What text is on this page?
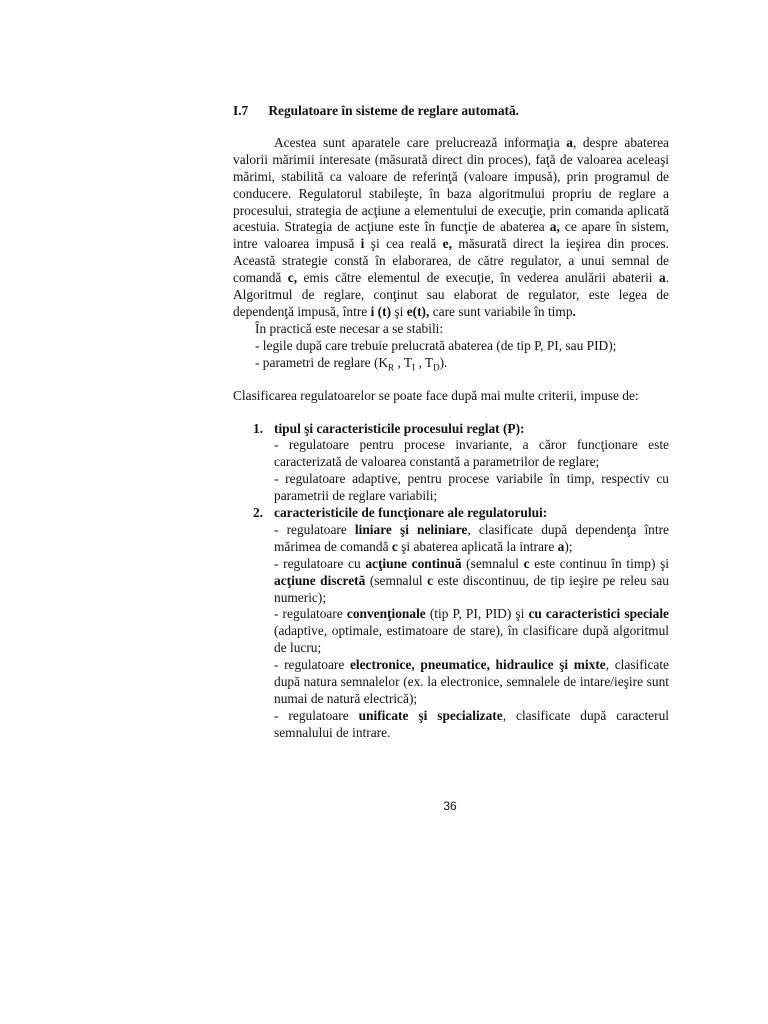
I.7 Regulatoare în sisteme de reglare automată.

Acestea sunt aparatele care prelucrează informaţia a, despre abaterea valorii mărimii interesate (măsurată direct din proces), faţă de valoarea aceleaşi mărimi, stabilită ca valoare de referinţă (valoare impusă), prin programul de conducere. Regulatorul stabileşte, în baza algoritmului propriu de reglare a procesului, strategia de acţiune a elementului de execuţie, prin comanda aplicată acestuia. Strategia de acţiune este în funcţie de abaterea a, ce apare în sistem, intre valoarea impusă i şi cea reală e, măsurată direct la ieşirea din proces. Această strategie constă în elaborarea, de către regulator, a unui semnal de comandă c, emis către elementul de execuţie, în vederea anulării abaterii a. Algoritmul de reglare, conţinut sau elaborat de regulator, este legea de dependenţă impusă, între i (t) şi e(t), care sunt variabile în timp.

În practică este necesar a se stabili:

- legile după care trebuie prelucrată abaterea (de tip P, PI, sau PID);

- parametri de reglare ($K_R$ , $T_I$ , $T_D$).

Clasificarea regulatoarelor se poate face după mai multe criterii, impuse de:

1. tipul şi caracteristicile procesului reglat (P):

- regulatoare pentru procese invariante, a căror funcţionare este caracterizată de valoarea constantă a parametrilor de reglare;

- regulatoare adaptive, pentru procese variabile în timp, respectiv cu parametrii de reglare variabili;

2. caracteristicile de funcţionare ale regulatorului:

- regulatoare liniare şi neliniare, clasificate după dependenţa între mărimea de comandă c şi abaterea aplicată la intrare a);

- regulatoare cu acţiune continuă (semnalul c este continuu în timp) şi acţiune discretă (semnalul c este discontinuu, de tip ieşire pe releu sau numeric);

- regulatoare convenţionale (tip P, PI, PID) şi cu caracteristici speciale (adaptive, optimale, estimatoare de stare), în clasificare după algoritmul de lucru;

- regulatoare electronice, pneumatice, hidraulice şi mixte, clasificate după natura semnalelor (ex. la electronice, semnalele de intare/ieşire sunt numai de natură electrică);

- regulatoare unificate şi specializate, clasificate după caracterul semnalului de intrare.

36
